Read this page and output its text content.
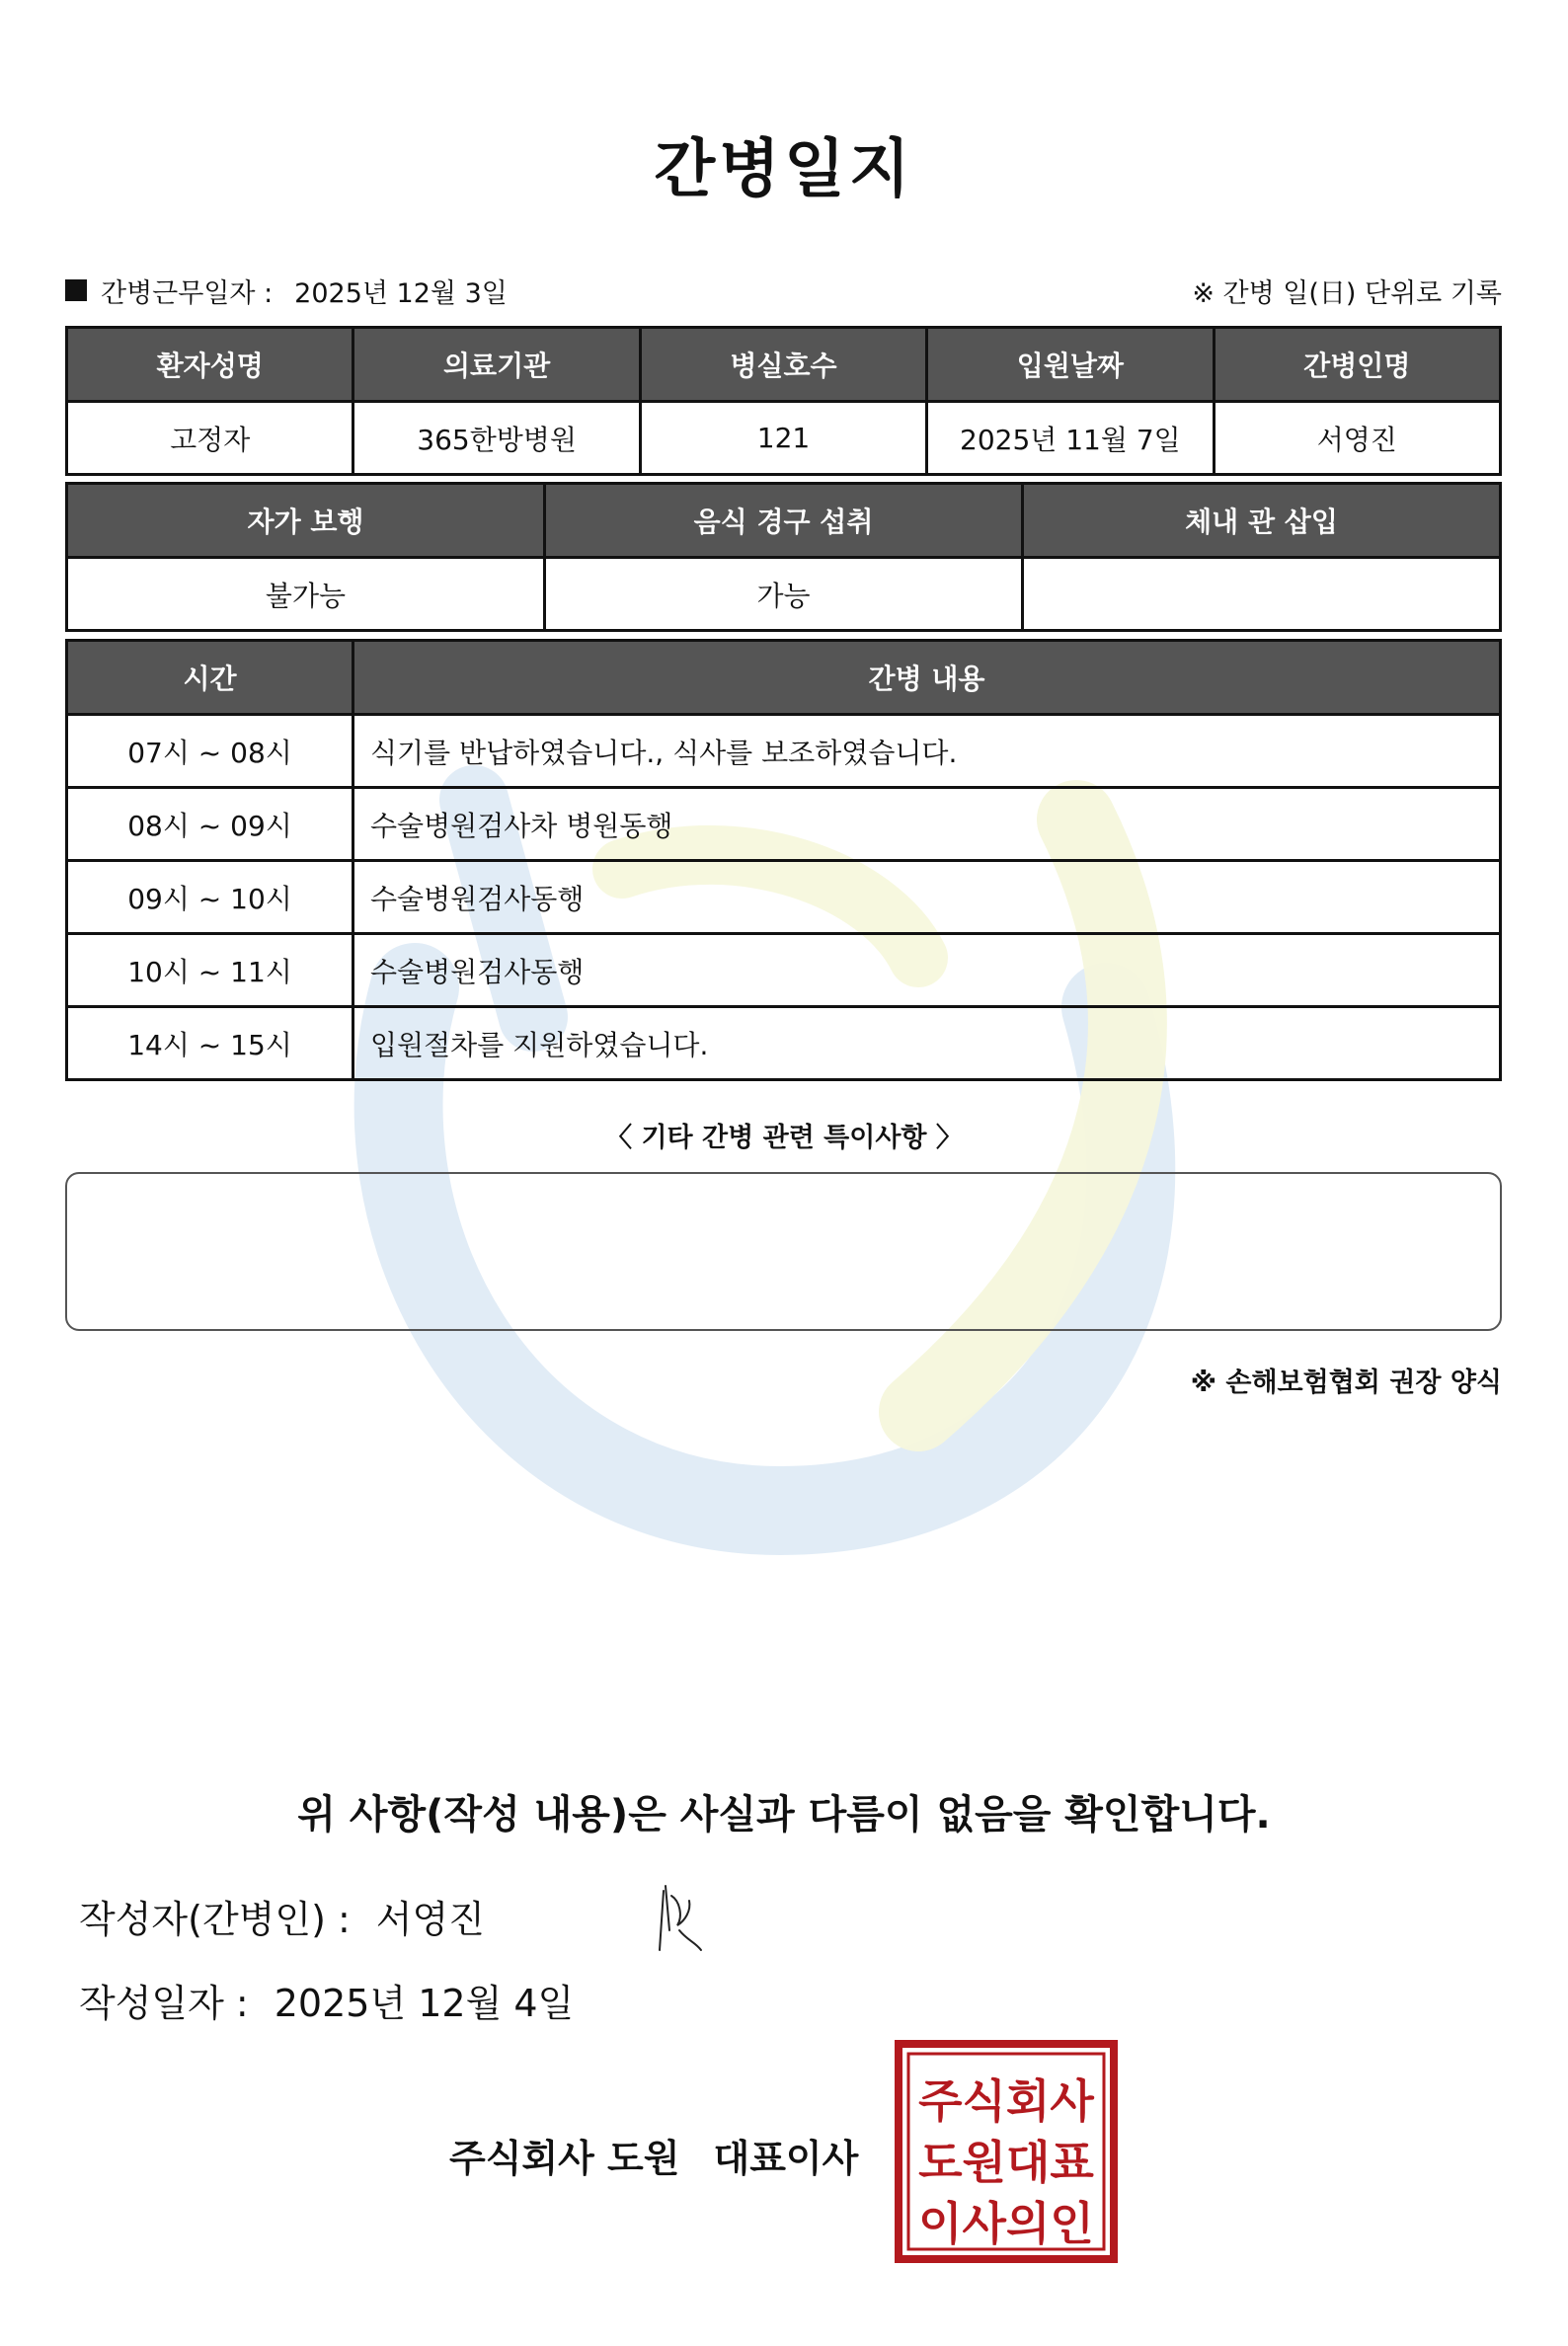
간병일지
간병근무일자 : 2025년 12월 3일	※ 간병 일(日) 단위로 기록
환자성명	의료기관	병실호수	입원날짜	간병인명
고정자	365한방병원	121	2025년 11월 7일	서영진
자가 보행	음식 경구 섭취	체내 관 삽입
불가능	가능	
시간	간병 내용
07시 ~ 08시	식기를 반납하였습니다., 식사를 보조하였습니다.
08시 ~ 09시	수술병원검사차 병원동행
09시 ~ 10시	수술병원검사동행
10시 ~ 11시	수술병원검사동행
14시 ~ 15시	입원절차를 지원하였습니다.
〈 기타 간병 관련 특이사항 〉
※ 손해보험협회 권장 양식
위 사항(작성 내용)은 사실과 다름이 없음을 확인합니다.
작성자(간병인) : 서영진
작성일자 : 2025년 12월 4일
주식회사 도원 대표이사
주식회사
도원대표
이사의인
